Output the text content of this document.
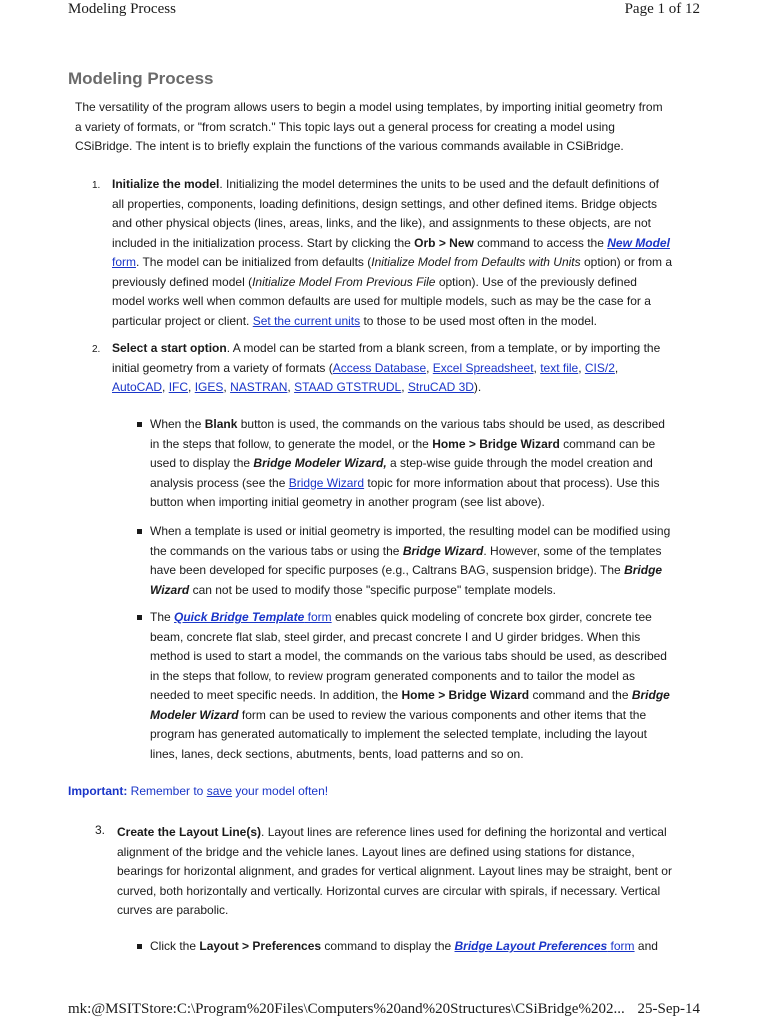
Modeling Process	Page 1 of 12
Modeling Process
The versatility of the program allows users to begin a model using templates, by importing initial geometry from
a variety of formats, or "from scratch." This topic lays out a general process for creating a model using
CSiBridge. The intent is to briefly explain the functions of the various commands available in CSiBridge.
1. Initialize the model. Initializing the model determines the units to be used and the default definitions of
all properties, components, loading definitions, design settings, and other defined items. Bridge objects
and other physical objects (lines, areas, links, and the like), and assignments to these objects, are not
included in the initialization process. Start by clicking the Orb > New command to access the New Model
form. The model can be initialized from defaults (Initialize Model from Defaults with Units option) or from a
previously defined model (Initialize Model From Previous File option). Use of the previously defined
model works well when common defaults are used for multiple models, such as may be the case for a
particular project or client. Set the current units to those to be used most often in the model.
2. Select a start option. A model can be started from a blank screen, from a template, or by importing the
initial geometry from a variety of formats (Access Database, Excel Spreadsheet, text file, CIS/2,
AutoCAD, IFC, IGES, NASTRAN, STAAD GTSTRUDL, StruCAD 3D).
When the Blank button is used, the commands on the various tabs should be used, as described
in the steps that follow, to generate the model, or the Home > Bridge Wizard command can be
used to display the Bridge Modeler Wizard, a step-wise guide through the model creation and
analysis process (see the Bridge Wizard topic for more information about that process). Use this
button when importing initial geometry in another program (see list above).
When a template is used or initial geometry is imported, the resulting model can be modified using
the commands on the various tabs or using the Bridge Wizard. However, some of the templates
have been developed for specific purposes (e.g., Caltrans BAG, suspension bridge). The Bridge
Wizard can not be used to modify those "specific purpose" template models.
The Quick Bridge Template form enables quick modeling of concrete box girder, concrete tee
beam, concrete flat slab, steel girder, and precast concrete I and U girder bridges. When this
method is used to start a model, the commands on the various tabs should be used, as described
in the steps that follow, to review program generated components and to tailor the model as
needed to meet specific needs. In addition, the Home > Bridge Wizard command and the Bridge
Modeler Wizard form can be used to review the various components and other items that the
program has generated automatically to implement the selected template, including the layout
lines, lanes, deck sections, abutments, bents, load patterns and so on.
Important: Remember to save your model often!
3. Create the Layout Line(s). Layout lines are reference lines used for defining the horizontal and vertical
alignment of the bridge and the vehicle lanes. Layout lines are defined using stations for distance,
bearings for horizontal alignment, and grades for vertical alignment. Layout lines may be straight, bent or
curved, both horizontally and vertically. Horizontal curves are circular with spirals, if necessary. Vertical
curves are parabolic.
Click the Layout > Preferences command to display the Bridge Layout Preferences form and
mk:@MSITStore:C:\Program%20Files\Computers%20and%20Structures\CSiBridge%202... 25-Sep-14
